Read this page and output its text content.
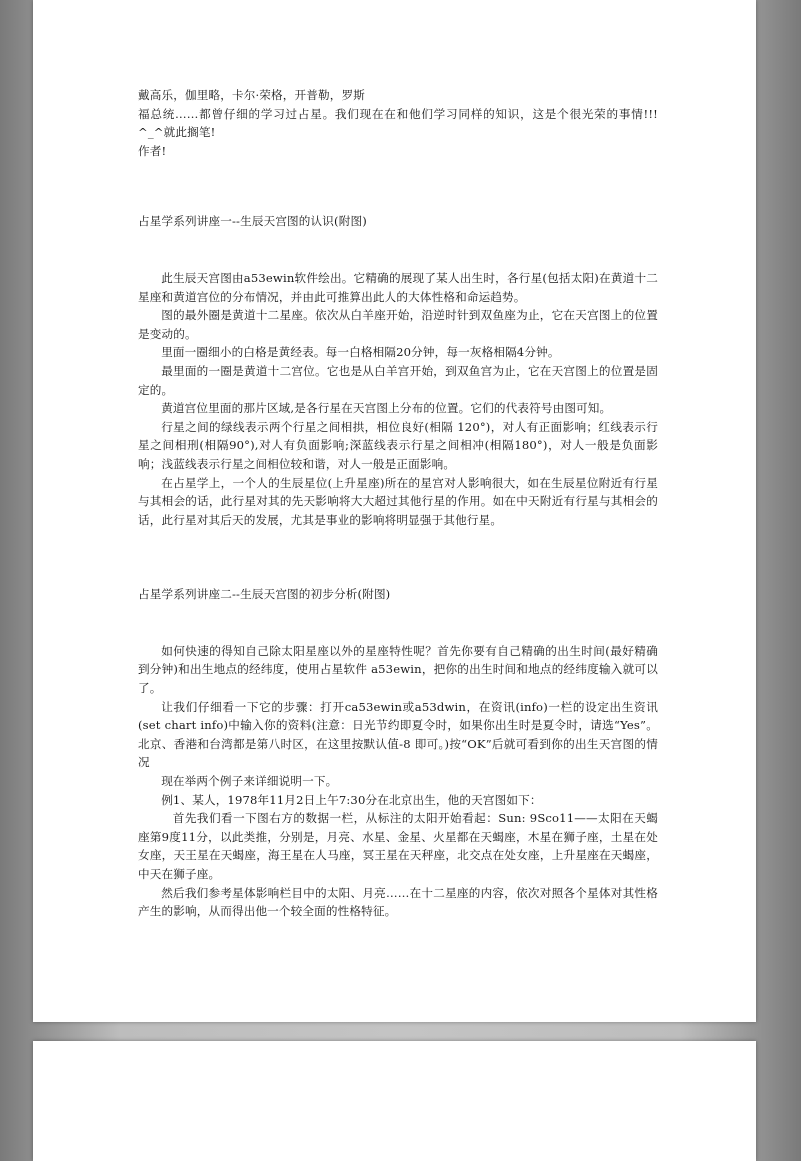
戴高乐，伽里略，卡尔·荣格，开普勒，罗斯

福总统……都曾仔细的学习过占星。我们现在在和他们学习同样的知识，这是个很光荣的事情!!! ^_^就此搁笔!

作者!

占星学系列讲座一--生辰天宫图的认识(附图)

此生辰天宫图由a53ewin软件绘出。它精确的展现了某人出生时，各行星(包括太阳)在黄道十二星座和黄道宫位的分布情况，并由此可推算出此人的大体性格和命运趋势。

图的最外圈是黄道十二星座。依次从白羊座开始，沿逆时针到双鱼座为止，它在天宫图上的位置是变动的。

里面一圈细小的白格是黄经表。每一白格相隔20分钟，每一灰格相隔4分钟。

最里面的一圈是黄道十二宫位。它也是从白羊宫开始，到双鱼宫为止，它在天宫图上的位置是固定的。

黄道宫位里面的那片区域,是各行星在天宫图上分布的位置。它们的代表符号由图可知。

行星之间的绿线表示两个行星之间相拱，相位良好(相隔 120°)，对人有正面影响；红线表示行星之间相刑(相隔90°),对人有负面影响;深蓝线表示行星之间相冲(相隔180°)，对人一般是负面影响；浅蓝线表示行星之间相位较和谐，对人一般是正面影响。

在占星学上，一个人的生辰星位(上升星座)所在的星宫对人影响很大，如在生辰星位附近有行星与其相会的话，此行星对其的先天影响将大大超过其他行星的作用。如在中天附近有行星与其相会的话，此行星对其后天的发展，尤其是事业的影响将明显强于其他行星。

占星学系列讲座二--生辰天宫图的初步分析(附图)

如何快速的得知自己除太阳星座以外的星座特性呢？首先你要有自己精确的出生时间(最好精确到分钟)和出生地点的经纬度，使用占星软件 a53ewin，把你的出生时间和地点的经纬度输入就可以了。

让我们仔细看一下它的步骤：打开ca53ewin或a53dwin，在资讯(info)一栏的设定出生资讯(set chart info)中输入你的资料(注意：日光节约即夏令时，如果你出生时是夏令时，请选“Yes”。北京、香港和台湾都是第八时区，在这里按默认值-8 即可。)按“OK”后就可看到你的出生天宫图的情况

现在举两个例子来详细说明一下。

例1、某人，1978年11月2日上午7:30分在北京出生，他的天宫图如下：

首先我们看一下图右方的数据一栏，从标注的太阳开始看起：Sun: 9Sco11——太阳在天蝎座第9度11分，以此类推，分别是，月亮、水星、金星、火星都在天蝎座，木星在狮子座，土星在处女座，天王星在天蝎座，海王星在人马座，冥王星在天秤座，北交点在处女座，上升星座在天蝎座，中天在狮子座。

然后我们参考星体影响栏目中的太阳、月亮……在十二星座的内容，依次对照各个星体对其性格产生的影响，从而得出他一个较全面的性格特征。
